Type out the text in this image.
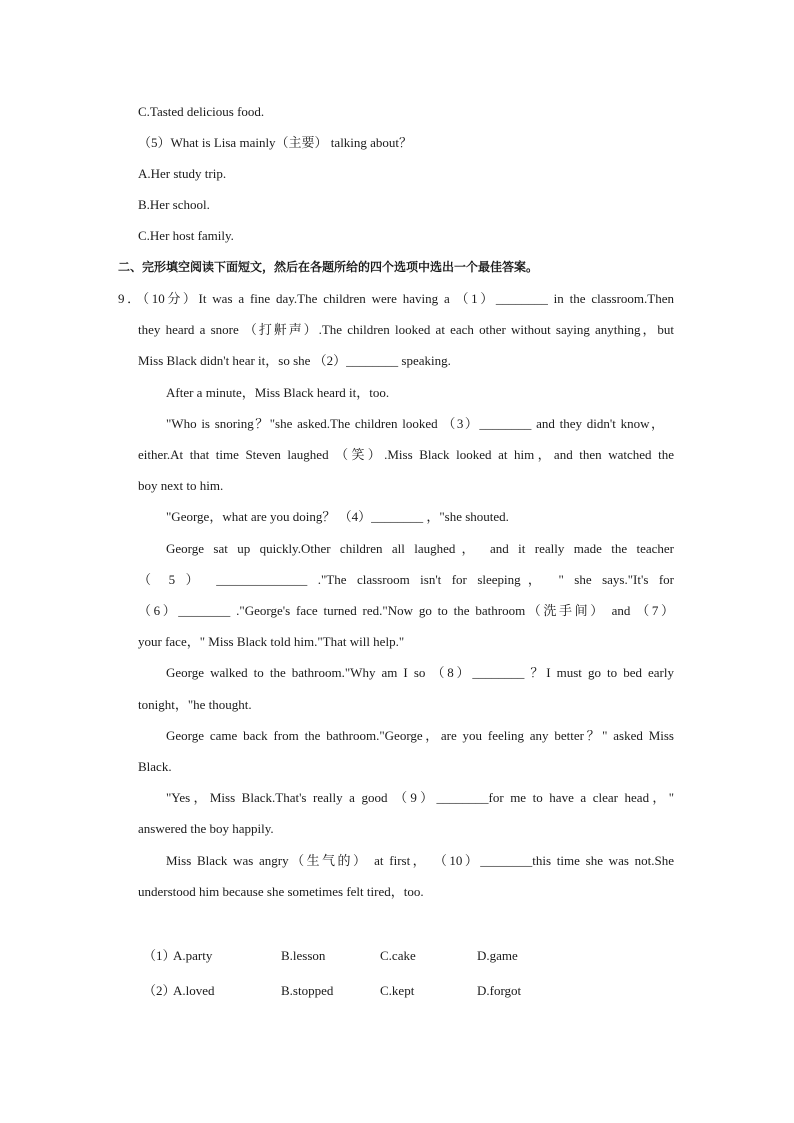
C.Tasted delicious food.
（5）What is Lisa mainly（主要） talking about？
A.Her study trip.
B.Her school.
C.Her host family.
二、完形填空阅读下面短文，然后在各题所给的四个选项中选出一个最佳答案。
9．（10分）It was a fine day.The children were having a （1）________ in the classroom.Then
they heard a snore （打鼾声）.The children looked at each other without saying anything，but
Miss Black didn't hear it，so she （2）________ speaking.
After a minute，Miss Black heard it，too.
"Who is snoring？"she asked.The children looked （3）________ and they didn't know，
either.At that time Steven laughed （笑）.Miss Black looked at him，and then watched the
boy next to him.
"George，what are you doing？ （4）________ ，"she shouted.
George sat up quickly.Other children all laughed， and it really made the teacher
（ 5 ） ______________ ."The classroom isn't for sleeping， " she says."It's for
（6）________ ."George's face turned red."Now go to the bathroom（洗手间） and （7）
your face，" Miss Black told him."That will help."
George walked to the bathroom."Why am I so （8）________ ？I must go to bed early
tonight，"he thought.
George came back from the bathroom."George，are you feeling any better？" asked Miss
Black.
"Yes，Miss Black.That's really a good （9）________for me to have a clear head，"
answered the boy happily.
Miss Black was angry（生气的） at first， （10）________this time she was not.She
understood him because she sometimes felt tired，too.
（1）
A.party	B.lesson	C.cake	D.game
（2）
A.loved	B.stopped	C.kept	D.forgot
